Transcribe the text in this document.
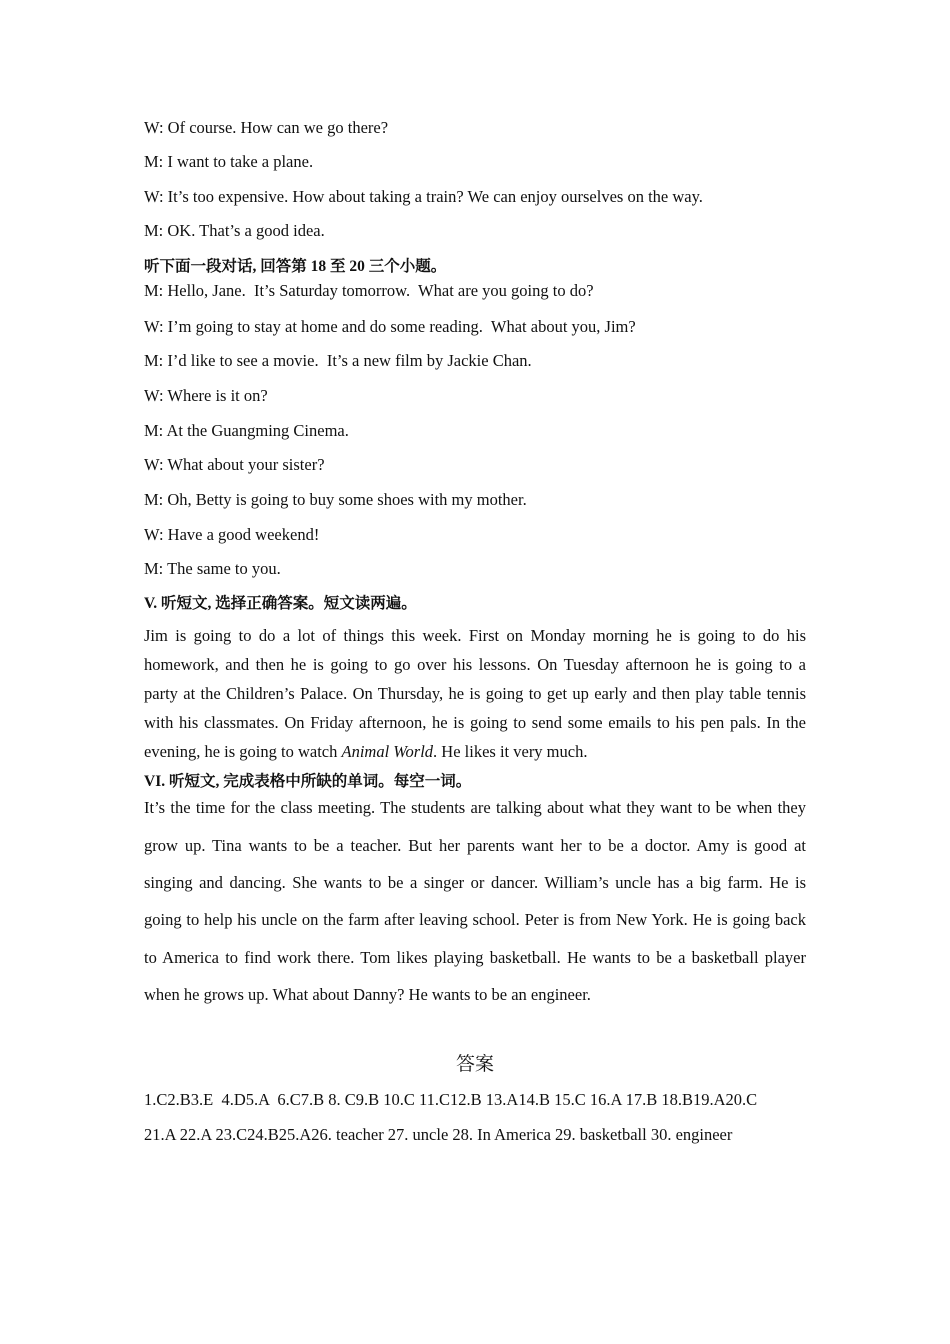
W: Of course. How can we go there?
M: I want to take a plane.
W: It’s too expensive. How about taking a train? We can enjoy ourselves on the way.
M: OK. That’s a good idea.
听下面一段对话, 回答第 18 至 20 三个小题。
M: Hello, Jane.  It’s Saturday tomorrow.  What are you going to do?
W: I’m going to stay at home and do some reading.  What about you, Jim?
M: I’d like to see a movie.  It’s a new film by Jackie Chan.
W: Where is it on?
M: At the Guangming Cinema.
W: What about your sister?
M: Oh, Betty is going to buy some shoes with my mother.
W: Have a good weekend!
M: The same to you.
V. 听短文, 选择正确答案。短文读两遍。
Jim is going to do a lot of things this week. First on Monday morning he is going to do his
homework, and then he is going to go over his lessons. On Tuesday afternoon he is going to a
party at the Children’s Palace. On Thursday, he is going to get up early and then play table tennis
with his classmates. On Friday afternoon, he is going to send some emails to his pen pals. In the
evening, he is going to watch Animal World. He likes it very much.
VI. 听短文, 完成表格中所缺的单词。每空一词。
It’s the time for the class meeting. The students are talking about what they want to be when they
grow up. Tina wants to be a teacher. But her parents want her to be a doctor. Amy is good at
singing and dancing. She wants to be a singer or dancer. William’s uncle has a big farm. He is
going to help his uncle on the farm after leaving school. Peter is from New York. He is going back
to America to find work there. Tom likes playing basketball. He wants to be a basketball player
when he grows up. What about Danny? He wants to be an engineer.
答案
1.C2.B3.E  4.D5.A  6.C7.B 8. C9.B 10.C 11.C12.B 13.A14.B 15.C 16.A 17.B 18.B19.A20.C
21.A 22.A 23.C24.B25.A26. teacher 27. uncle 28. In America 29. basketball 30. engineer
